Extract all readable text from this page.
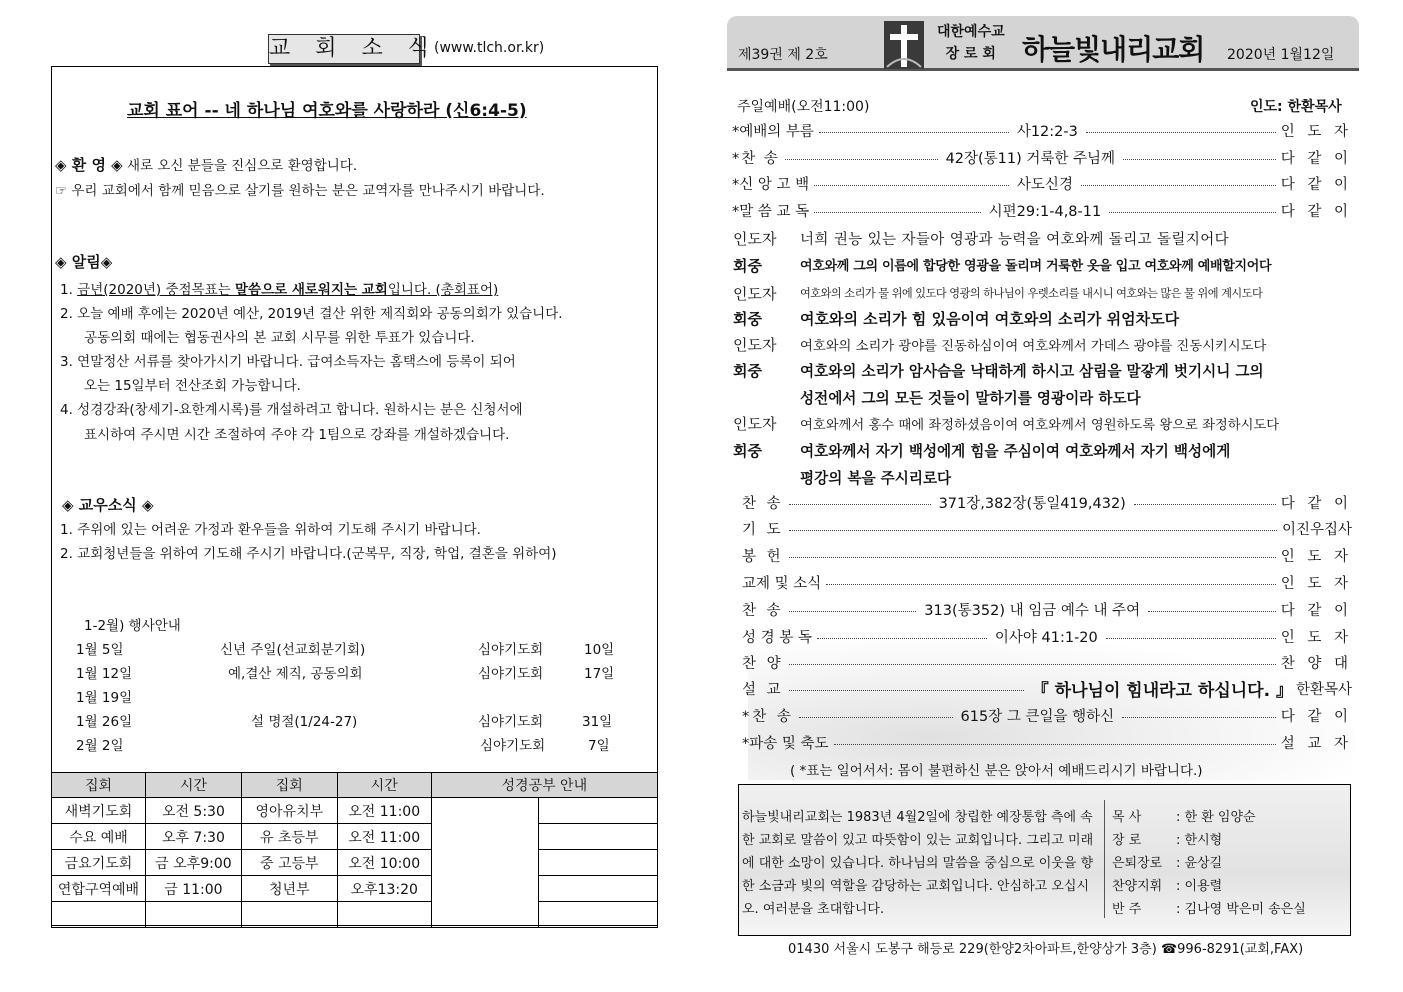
교 회 소 식
(www.tlch.or.kr)
교회 표어 -- 네 하나님 여호와를 사랑하라 (신6:4-5)
◈ 환 영 ◈ 새로 오신 분들을 진심으로 환영합니다.
☞ 우리 교회에서 함께 믿음으로 살기를 원하는 분은 교역자를 만나주시기 바랍니다.
◈ 알림◈
1. 금년(2020년) 중점목표는 말씀으로 새로워지는 교회입니다. (총회표어)
2. 오늘 예배 후에는 2020년 예산, 2019년 결산 위한 제직회와 공동의회가 있습니다.
공동의회 때에는 협동권사의 본 교회 시무를 위한 투표가 있습니다.
3. 연말정산 서류를 찾아가시기 바랍니다. 급여소득자는 홈택스에 등록이 되어
오는 15일부터 전산조회 가능합니다.
4. 성경강좌(창세기-요한계시록)를 개설하려고 합니다. 원하시는 분은 신청서에
표시하여 주시면 시간 조절하여 주야 각 1팀으로 강좌를 개설하겠습니다.
◈ 교우소식 ◈
1. 주위에 있는 어려운 가정과 환우들을 위하여 기도해 주시기 바랍니다.
2. 교회청년들을 위하여 기도해 주시기 바랍니다.(군복무, 직장, 학업, 결혼을 위하여)
1-2월) 행사안내
1월 5일	신년 주일(선교회분기회)	심야기도회	10일
1월 12일	예,결산 제직, 공동의회	심야기도회	17일
1월 19일
1월 26일	설 명절(1/24-27)	심야기도회	31일
2월 2일	심야기도회	7일
집회	시간	집회	시간	성경공부 안내	
새벽기도회	오전 5:30	영아유치부	오전 11:00		
수요 예배	오후 7:30	유 초등부	오전 11:00		
금요기도회	금 오후9:00	중 고등부	오전 10:00		
연합구역예배	금 11:00	청년부	오후13:20		

제39권 제 2호
대한예수교
장 로 회 하늘빛내리교회 2020년 1월12일
주일예배(오전11:00)	인도: 한환목사
*예배의 부름	사12:2-3	인 도 자
*찬 송	42장(통11) 거룩한 주님께	다 같 이
*신 앙 고 백	사도신경	다 같 이
*말 씀 교 독	시편29:1-4,8-11	다 같 이
인도자 너희 권능 있는 자들아 영광과 능력을 여호와께 돌리고 돌릴지어다
회중	여호와께 그의 이름에 합당한 영광을 돌리며 거룩한 옷을 입고 여호와께 예배할지어다
인도자 여호와의 소리가 물 위에 있도다 영광의 하나님이 우렛소리를 내시니 여호와는 많은 물 위에 계시도다
회중	여호와의 소리가 힘 있음이여 여호와의 소리가 위엄차도다
인도자 여호와의 소리가 광야를 진동하심이여 여호와께서 가데스 광야를 진동시키시도다
회중	여호와의 소리가 암사슴을 낙태하게 하시고 삼림을 말갛게 벗기시니 그의
성전에서 그의 모든 것들이 말하기를 영광이라 하도다
인도자 여호와께서 홍수 때에 좌정하셨음이여 여호와께서 영원하도록 왕으로 좌정하시도다
회중	여호와께서 자기 백성에게 힘을 주심이여 여호와께서 자기 백성에게
평강의 복을 주시리로다
찬 송	371장,382장(통일419,432)	다 같 이
기 도	이진우집사
봉 헌	인 도 자
교제 및 소식	인 도 자
찬 송	313(통352) 내 임금 예수 내 주여	다 같 이
성 경 봉 독	이사야 41:1-20	인 도 자
찬 양	찬 양 대
설 교	『 하나님이 힘내라고 하십니다. 』 한환목사
*찬 송	615장 그 큰일을 행하신	다 같 이
*파송 및 축도	설 교 자
( *표는 일어서서: 몸이 불편하신 분은 앉아서 예배드리시기 바랍니다.)
하늘빛내리교회는 1983년 4월2일에 창립한 예장통합 측에 속한 교회로 말씀이 있고 따뜻함이 있는 교회입니다. 그리고 미래에 대한 소망이 있습니다. 하나님의 말씀을 중심으로 이웃을 향한 소금과 빛의 역할을 감당하는 교회입니다. 안심하고 오십시오. 여러분을 초대합니다.
목 사	: 한 환 임양순
장 로	: 한시형
은퇴장로 : 윤상길
찬양지휘 : 이용렬
반 주	: 김나영 박은미 송은실
01430 서울시 도봉구 해등로 229(한양2차아파트,한양상가 3층) ☎996-8291(교회,FAX)
